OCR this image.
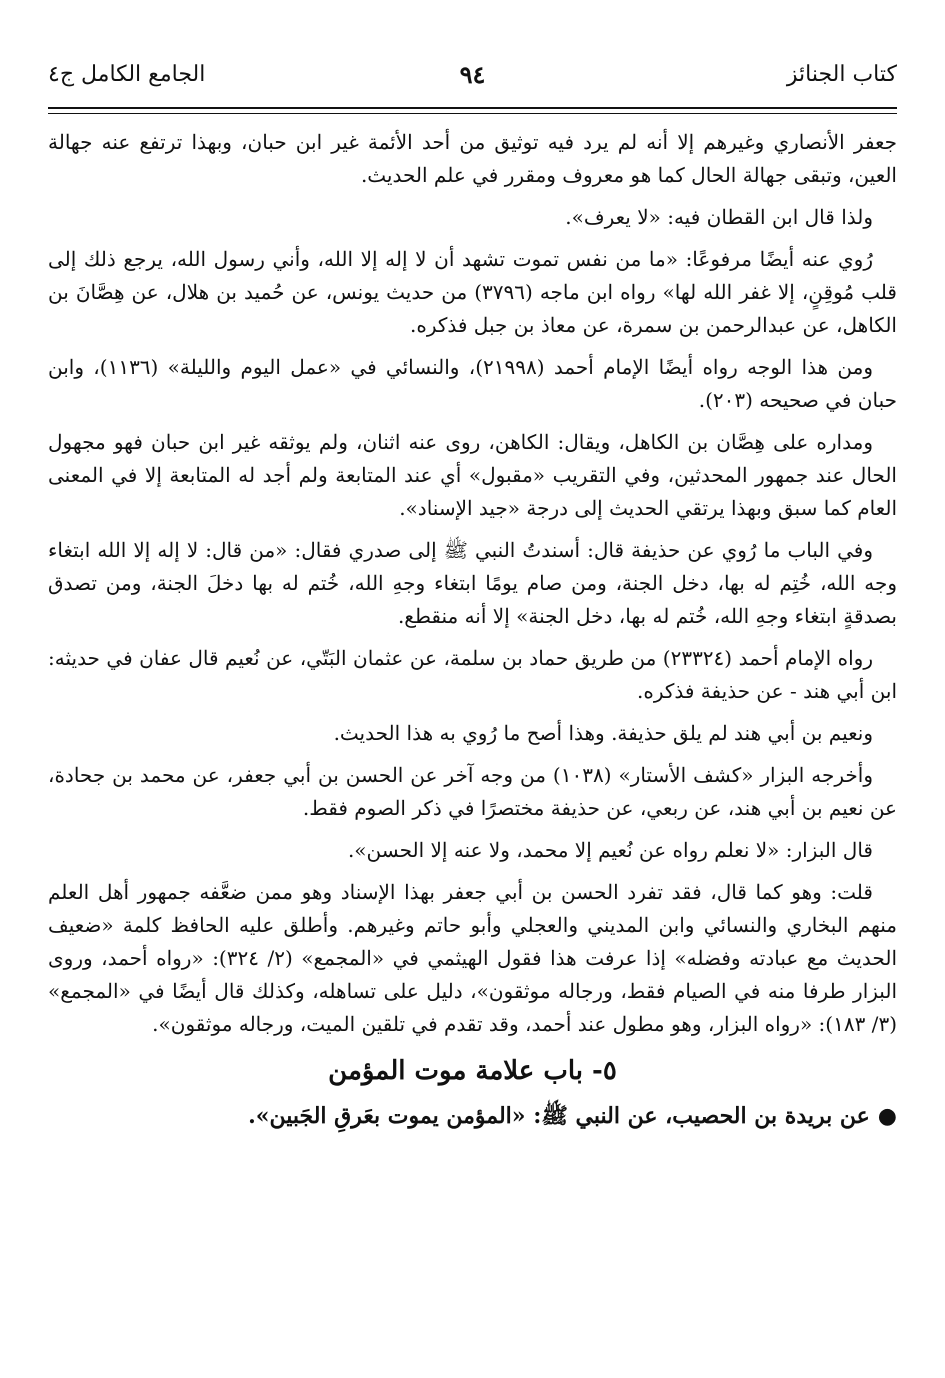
كتاب الجنائز
٩٤
الجامع الكامل ج٤

جعفر الأنصاري وغيرهم إلا أنه لم يرد فيه توثيق من أحد الأئمة غير ابن حبان، وبهذا ترتفع عنه جهالة العين، وتبقى جهالة الحال كما هو معروف ومقرر في علم الحديث.

ولذا قال ابن القطان فيه: «لا يعرف».

رُوي عنه أيضًا مرفوعًا: «ما من نفس تموت تشهد أن لا إله إلا الله، وأني رسول الله، يرجع ذلك إلى قلب مُوقِنٍ، إلا غفر الله لها» رواه ابن ماجه (٣٧٩٦) من حديث يونس، عن حُميد بن هلال، عن هِصَّانَ بن الكاهل، عن عبدالرحمن بن سمرة، عن معاذ بن جبل فذكره.

ومن هذا الوجه رواه أيضًا الإمام أحمد (٢١٩٩٨)، والنسائي في «عمل اليوم والليلة» (١١٣٦)، وابن حبان في صحيحه (٢٠٣).

ومداره على هِصَّان بن الكاهل، ويقال: الكاهن، روى عنه اثنان، ولم يوثقه غير ابن حبان فهو مجهول الحال عند جمهور المحدثين، وفي التقريب «مقبول» أي عند المتابعة ولم أجد له المتابعة إلا في المعنى العام كما سبق وبهذا يرتقي الحديث إلى درجة «جيد الإسناد».

وفي الباب ما رُوي عن حذيفة قال: أسندتُ النبي ﷺ إلى صدري فقال: «من قال: لا إله إلا الله ابتغاء وجه الله، خُتِم له بها، دخل الجنة، ومن صام يومًا ابتغاء وجهِ الله، خُتم له بها دخلَ الجنة، ومن تصدق بصدقةٍ ابتغاء وجهِ الله، خُتم له بها، دخل الجنة» إلا أنه منقطع.

رواه الإمام أحمد (٢٣٣٢٤) من طريق حماد بن سلمة، عن عثمان البَتّي، عن نُعيم قال عفان في حديثه: ابن أبي هند - عن حذيفة فذكره.

ونعيم بن أبي هند لم يلق حذيفة. وهذا أصح ما رُوي به هذا الحديث.

وأخرجه البزار «كشف الأستار» (١٠٣٨) من وجه آخر عن الحسن بن أبي جعفر، عن محمد بن جحادة، عن نعيم بن أبي هند، عن ربعي، عن حذيفة مختصرًا في ذكر الصوم فقط.

قال البزار: «لا نعلم رواه عن نُعيم إلا محمد، ولا عنه إلا الحسن».

قلت: وهو كما قال، فقد تفرد الحسن بن أبي جعفر بهذا الإسناد وهو ممن ضعَّفه جمهور أهل العلم منهم البخاري والنسائي وابن المديني والعجلي وأبو حاتم وغيرهم. وأطلق عليه الحافظ كلمة «ضعيف الحديث مع عبادته وفضله» إذا عرفت هذا فقول الهيثمي في «المجمع» (٢/ ٣٢٤): «رواه أحمد، وروى البزار طرفا منه في الصيام فقط، ورجاله موثقون»، دليل على تساهله، وكذلك قال أيضًا في «المجمع» (٣/ ١٨٣): «رواه البزار، وهو مطول عند أحمد، وقد تقدم في تلقين الميت، ورجاله موثقون».

٥- باب علامة موت المؤمن
●عن بريدة بن الحصيب، عن النبي ﷺ: «المؤمن يموت بعَرقِ الجَبين».
